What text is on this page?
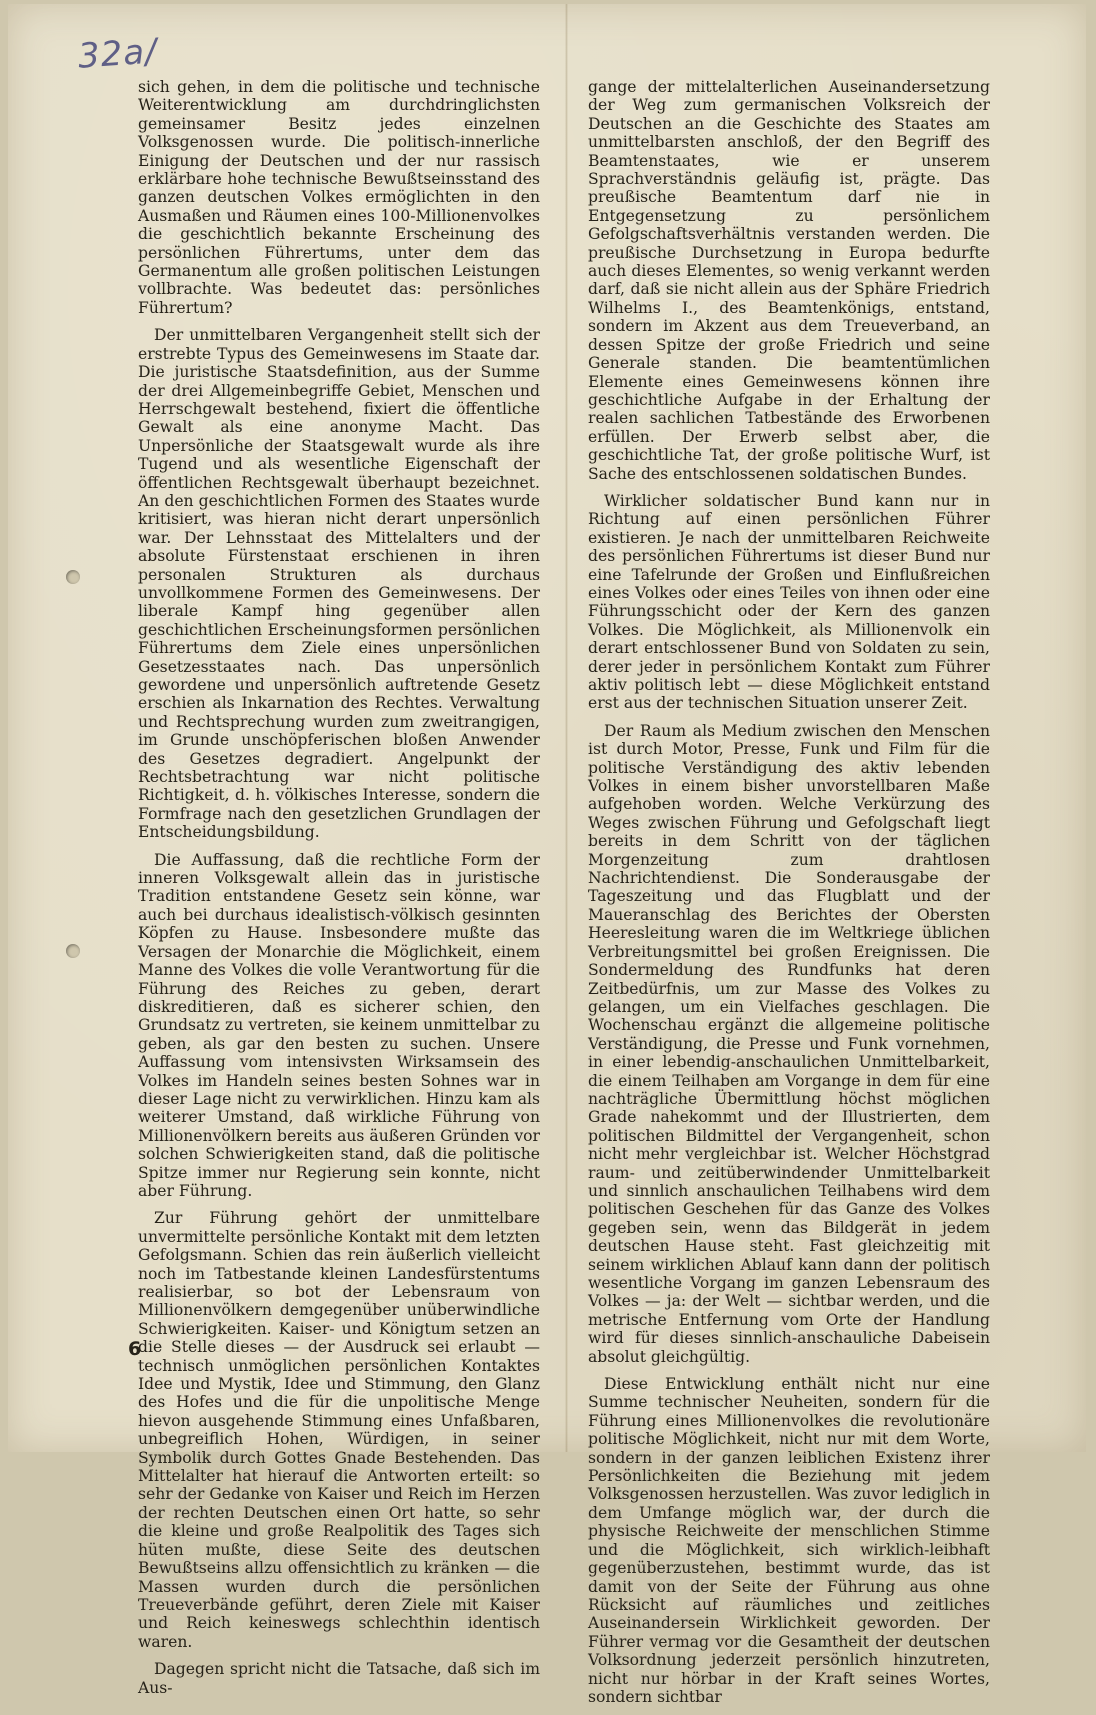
32a/

sich gehen, in dem die politische und technische Weiterentwicklung am durchdringlichsten gemeinsamer Besitz jedes einzelnen Volksgenossen wurde. Die politisch-innerliche Einigung der Deutschen und der nur rassisch erklärbare hohe technische Bewußtseinsstand des ganzen deutschen Volkes ermöglichten in den Ausmaßen und Räumen eines 100-Millionenvolkes die geschichtlich bekannte Erscheinung des persönlichen Führertums, unter dem das Germanentum alle großen politischen Leistungen vollbrachte. Was bedeutet das: persönliches Führertum?

Der unmittelbaren Vergangenheit stellt sich der erstrebte Typus des Gemeinwesens im Staate dar. Die juristische Staatsdefinition, aus der Summe der drei Allgemeinbegriffe Gebiet, Menschen und Herrschgewalt bestehend, fixiert die öffentliche Gewalt als eine anonyme Macht. Das Unpersönliche der Staatsgewalt wurde als ihre Tugend und als wesentliche Eigenschaft der öffentlichen Rechtsgewalt überhaupt bezeichnet. An den geschichtlichen Formen des Staates wurde kritisiert, was hieran nicht derart unpersönlich war. Der Lehnsstaat des Mittelalters und der absolute Fürstenstaat erschienen in ihren personalen Strukturen als durchaus unvollkommene Formen des Gemeinwesens. Der liberale Kampf hing gegenüber allen geschichtlichen Erscheinungsformen persönlichen Führertums dem Ziele eines unpersönlichen Gesetzesstaates nach. Das unpersönlich gewordene und unpersönlich auftretende Gesetz erschien als Inkarnation des Rechtes. Verwaltung und Rechtsprechung wurden zum zweitrangigen, im Grunde unschöpferischen bloßen Anwender des Gesetzes degradiert. Angelpunkt der Rechtsbetrachtung war nicht politische Richtigkeit, d. h. völkisches Interesse, sondern die Formfrage nach den gesetzlichen Grundlagen der Entscheidungsbildung.

Die Auffassung, daß die rechtliche Form der inneren Volksgewalt allein das in juristische Tradition entstandene Gesetz sein könne, war auch bei durchaus idealistisch-völkisch gesinnten Köpfen zu Hause. Insbesondere mußte das Versagen der Monarchie die Möglichkeit, einem Manne des Volkes die volle Verantwortung für die Führung des Reiches zu geben, derart diskreditieren, daß es sicherer schien, den Grundsatz zu vertreten, sie keinem unmittelbar zu geben, als gar den besten zu suchen. Unsere Auffassung vom intensivsten Wirksamsein des Volkes im Handeln seines besten Sohnes war in dieser Lage nicht zu verwirklichen. Hinzu kam als weiterer Umstand, daß wirkliche Führung von Millionenvölkern bereits aus äußeren Gründen vor solchen Schwierigkeiten stand, daß die politische Spitze immer nur Regierung sein konnte, nicht aber Führung.

Zur Führung gehört der unmittelbare unvermittelte persönliche Kontakt mit dem letzten Gefolgsmann. Schien das rein äußerlich vielleicht noch im Tatbestande kleinen Landesfürstentums realisierbar, so bot der Lebensraum von Millionenvölkern demgegenüber unüberwindliche Schwierigkeiten. Kaiser- und Königtum setzen an die Stelle dieses — der Ausdruck sei erlaubt — technisch unmöglichen persönlichen Kontaktes Idee und Mystik, Idee und Stimmung, den Glanz des Hofes und die für die unpolitische Menge hievon ausgehende Stimmung eines Unfaßbaren, unbegreiflich Hohen, Würdigen, in seiner Symbolik durch Gottes Gnade Bestehenden. Das Mittelalter hat hierauf die Antworten erteilt: so sehr der Gedanke von Kaiser und Reich im Herzen der rechten Deutschen einen Ort hatte, so sehr die kleine und große Realpolitik des Tages sich hüten mußte, diese Seite des deutschen Bewußtseins allzu offensichtlich zu kränken — die Massen wurden durch die persönlichen Treueverbände geführt, deren Ziele mit Kaiser und Reich keineswegs schlechthin identisch waren.

Dagegen spricht nicht die Tatsache, daß sich im Aus-

gange der mittelalterlichen Auseinandersetzung der Weg zum germanischen Volksreich der Deutschen an die Geschichte des Staates am unmittelbarsten anschloß, der den Begriff des Beamtenstaates, wie er unserem Sprachverständnis geläufig ist, prägte. Das preußische Beamtentum darf nie in Entgegensetzung zu persönlichem Gefolgschaftsverhältnis verstanden werden. Die preußische Durchsetzung in Europa bedurfte auch dieses Elementes, so wenig verkannt werden darf, daß sie nicht allein aus der Sphäre Friedrich Wilhelms I., des Beamtenkönigs, entstand, sondern im Akzent aus dem Treueverband, an dessen Spitze der große Friedrich und seine Generale standen. Die beamtentümlichen Elemente eines Gemeinwesens können ihre geschichtliche Aufgabe in der Erhaltung der realen sachlichen Tatbestände des Erworbenen erfüllen. Der Erwerb selbst aber, die geschichtliche Tat, der große politische Wurf, ist Sache des entschlossenen soldatischen Bundes.

Wirklicher soldatischer Bund kann nur in Richtung auf einen persönlichen Führer existieren. Je nach der unmittelbaren Reichweite des persönlichen Führertums ist dieser Bund nur eine Tafelrunde der Großen und Einflußreichen eines Volkes oder eines Teiles von ihnen oder eine Führungsschicht oder der Kern des ganzen Volkes. Die Möglichkeit, als Millionenvolk ein derart entschlossener Bund von Soldaten zu sein, derer jeder in persönlichem Kontakt zum Führer aktiv politisch lebt — diese Möglichkeit entstand erst aus der technischen Situation unserer Zeit.

Der Raum als Medium zwischen den Menschen ist durch Motor, Presse, Funk und Film für die politische Verständigung des aktiv lebenden Volkes in einem bisher unvorstellbaren Maße aufgehoben worden. Welche Verkürzung des Weges zwischen Führung und Gefolgschaft liegt bereits in dem Schritt von der täglichen Morgenzeitung zum drahtlosen Nachrichtendienst. Die Sonderausgabe der Tageszeitung und das Flugblatt und der Maueranschlag des Berichtes der Obersten Heeresleitung waren die im Weltkriege üblichen Verbreitungsmittel bei großen Ereignissen. Die Sondermeldung des Rundfunks hat deren Zeitbedürfnis, um zur Masse des Volkes zu gelangen, um ein Vielfaches geschlagen. Die Wochenschau ergänzt die allgemeine politische Verständigung, die Presse und Funk vornehmen, in einer lebendig-anschaulichen Unmittelbarkeit, die einem Teilhaben am Vorgange in dem für eine nachträgliche Übermittlung höchst möglichen Grade nahekommt und der Illustrierten, dem politischen Bildmittel der Vergangenheit, schon nicht mehr vergleichbar ist. Welcher Höchstgrad raum- und zeitüberwindender Unmittelbarkeit und sinnlich anschaulichen Teilhabens wird dem politischen Geschehen für das Ganze des Volkes gegeben sein, wenn das Bildgerät in jedem deutschen Hause steht. Fast gleichzeitig mit seinem wirklichen Ablauf kann dann der politisch wesentliche Vorgang im ganzen Lebensraum des Volkes — ja: der Welt — sichtbar werden, und die metrische Entfernung vom Orte der Handlung wird für dieses sinnlich-anschauliche Dabeisein absolut gleichgültig.

Diese Entwicklung enthält nicht nur eine Summe technischer Neuheiten, sondern für die Führung eines Millionenvolkes die revolutionäre politische Möglichkeit, nicht nur mit dem Worte, sondern in der ganzen leiblichen Existenz ihrer Persönlichkeiten die Beziehung mit jedem Volksgenossen herzustellen. Was zuvor lediglich in dem Umfange möglich war, der durch die physische Reichweite der menschlichen Stimme und die Möglichkeit, sich wirklich-leibhaft gegenüberzustehen, bestimmt wurde, das ist damit von der Seite der Führung aus ohne Rücksicht auf räumliches und zeitliches Auseinandersein Wirklichkeit geworden. Der Führer vermag vor die Gesamtheit der deutschen Volksordnung jederzeit persönlich hinzutreten, nicht nur hörbar in der Kraft seines Wortes, sondern sichtbar

6
